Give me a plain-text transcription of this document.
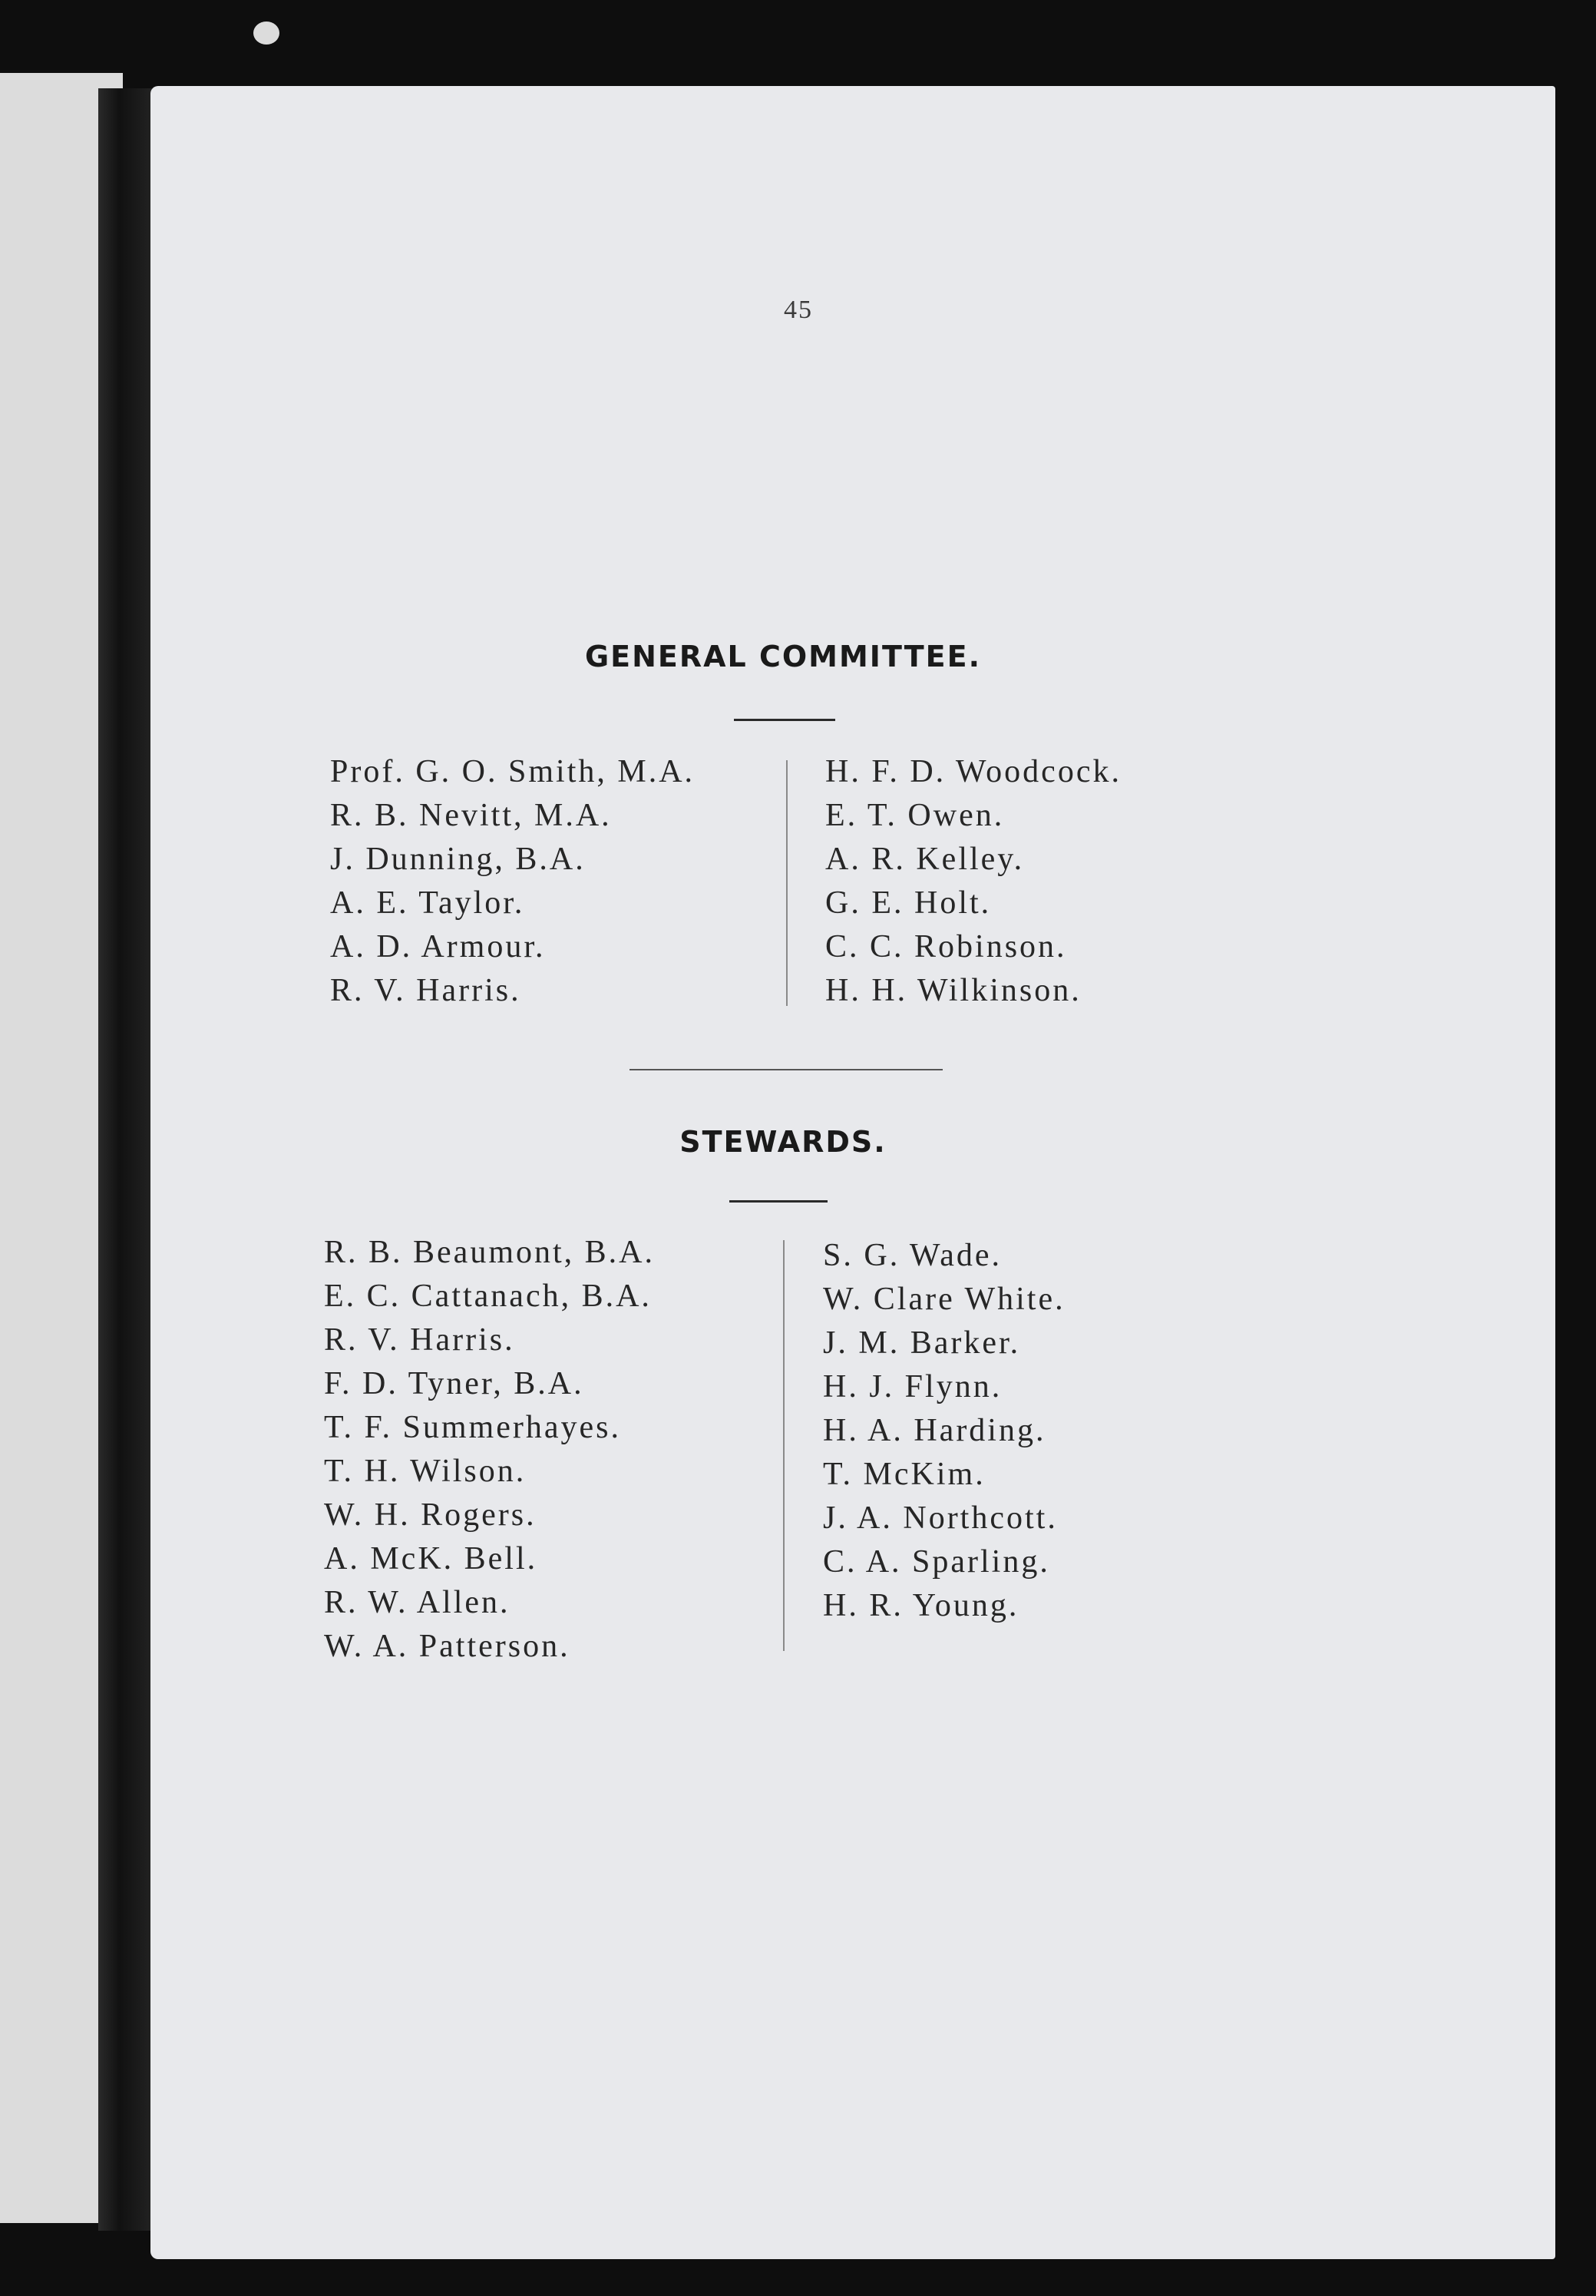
45
GENERAL COMMITTEE.
Prof. G. O. Smith, M.A.
R. B. Nevitt, M.A.
J. Dunning, B.A.
A. E. Taylor.
A. D. Armour.
R. V. Harris.
H. F. D. Woodcock.
E. T. Owen.
A. R. Kelley.
G. E. Holt.
C. C. Robinson.
H. H. Wilkinson.
STEWARDS.
R. B. Beaumont, B.A.
E. C. Cattanach, B.A.
R. V. Harris.
F. D. Tyner, B.A.
T. F. Summerhayes.
T. H. Wilson.
W. H. Rogers.
A. McK. Bell.
R. W. Allen.
W. A. Patterson.
S. G. Wade.
W. Clare White.
J. M. Barker.
H. J. Flynn.
H. A. Harding.
T. McKim.
J. A. Northcott.
C. A. Sparling.
H. R. Young.
